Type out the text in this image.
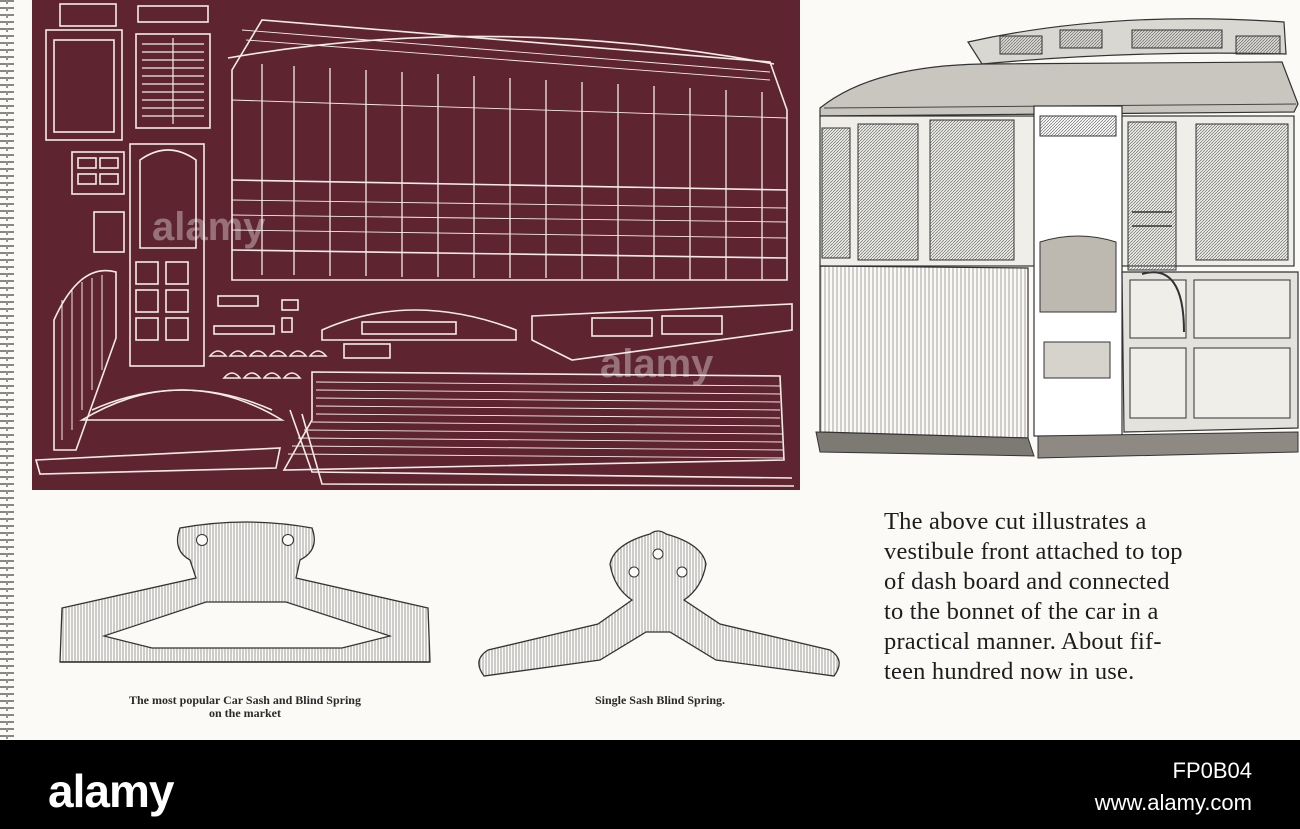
alamy
alamy
The above cut illustrates a
vestibule front attached to top
of dash board and connected
to the bonnet of the car in a
practical manner. About fif-
teen hundred now in use.
The most popular Car Sash and Blind Spring
on the market
Single Sash Blind Spring.
alamy	FP0B04
www.alamy.com
